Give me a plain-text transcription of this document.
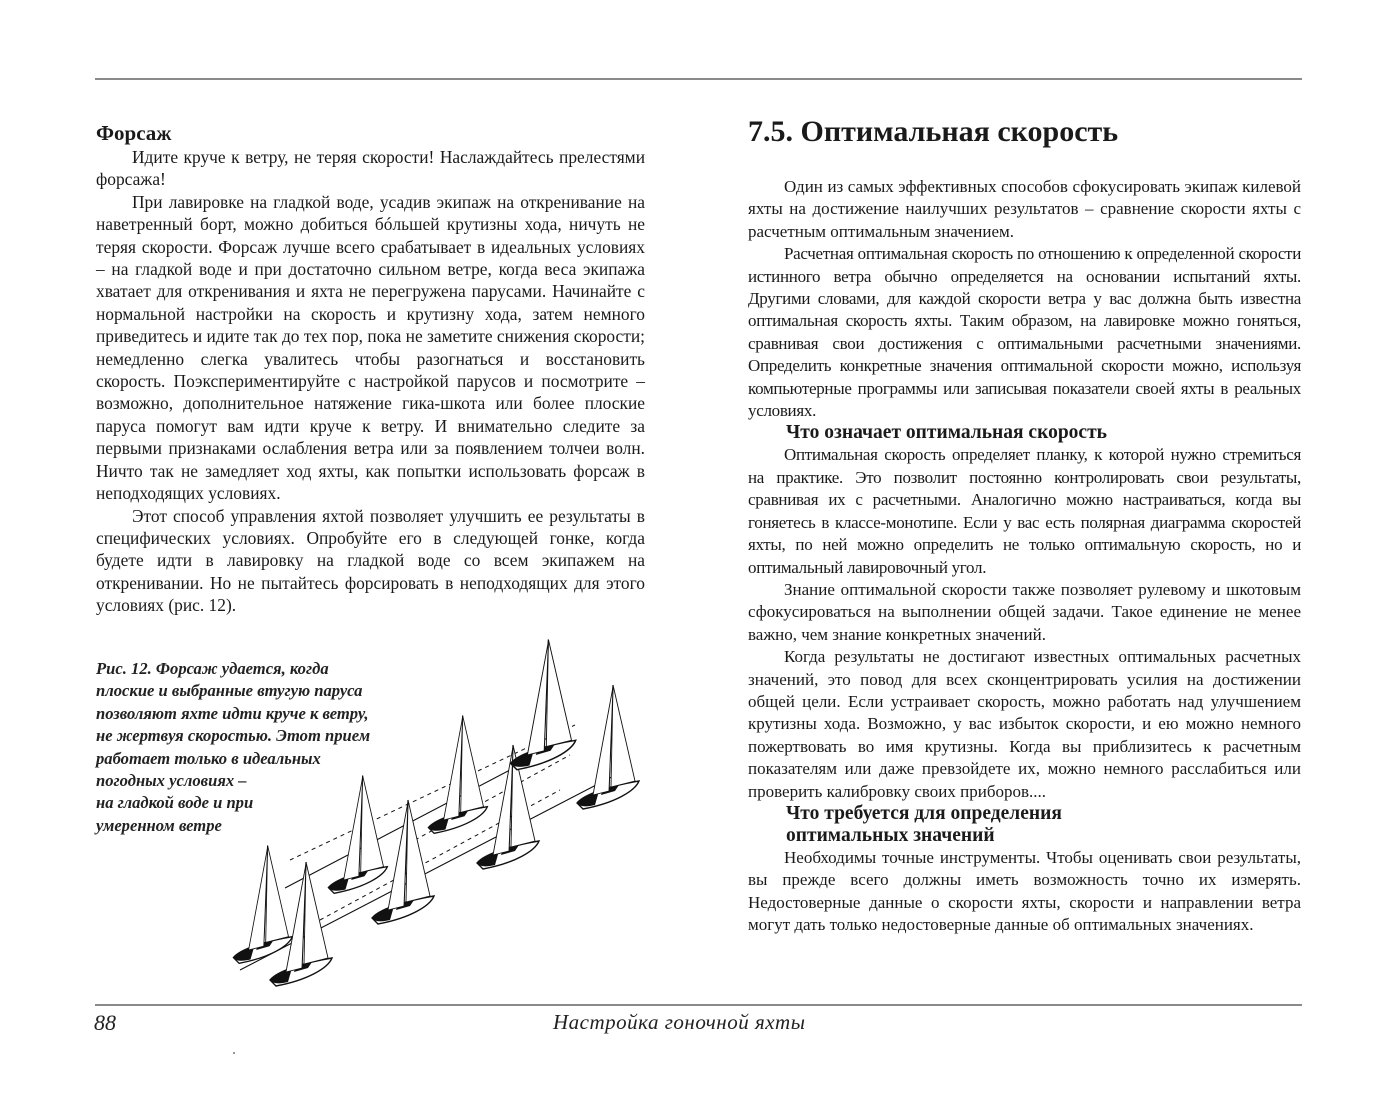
Форсаж

Идите круче к ветру, не теряя скорости! Наслаждайтесь прелестями форсажа!

При лавировке на гладкой воде, усадив экипаж на откренивание на наветренный борт, можно добиться бóльшей крутизны хода, ничуть не теряя скорости. Форсаж лучше всего срабатывает в идеальных условиях – на гладкой воде и при достаточно сильном ветре, когда веса экипажа хватает для откренивания и яхта не перегружена парусами. Начинайте с нормальной настройки на скорость и крутизну хода, затем немного приведитесь и идите так до тех пор, пока не заметите снижения скорости; немедленно слегка увалитесь чтобы разогнаться и восстановить скорость. Поэкспериментируйте с настройкой парусов и посмотрите – возможно, дополнительное натяжение гика-шкота или более плоские паруса помогут вам идти круче к ветру. И внимательно следите за первыми признаками ослабления ветра или за появлением толчеи волн. Ничто так не замедляет ход яхты, как попытки использовать форсаж в неподходящих условиях.

Этот способ управления яхтой позволяет улучшить ее результаты в специфических условиях. Опробуйте его в следующей гонке, когда будете идти в лавировку на гладкой воде со всем экипажем на откренивании. Но не пытайтесь форсировать в неподходящих для этого условиях (рис. 12).

Рис. 12. Форсаж удается, когда
плоские и выбранные втугую паруса
позволяют яхте идти круче к ветру,
не жертвуя скоростью. Этот прием
работает только в идеальных
погодных условиях –
на гладкой воде и при
умеренном ветре
7.5. Оптимальная скорость

Один из самых эффективных способов сфокусировать экипаж килевой яхты на достижение наилучших результатов – сравнение скорости яхты с расчетным оптимальным значением.

Расчетная оптимальная скорость по отношению к определенной скорости истинного ветра обычно определяется на основании испытаний яхты. Другими словами, для каждой скорости ветра у вас должна быть известна оптимальная скорость яхты. Таким образом, на лавировке можно гоняться, сравнивая свои достижения с оптимальными расчетными значениями. Определить конкретные значения оптимальной скорости можно, используя компьютерные программы или записывая показатели своей яхты в реальных условиях.

Что означает оптимальная скорость

Оптимальная скорость определяет планку, к которой нужно стремиться на практике. Это позволит постоянно контролировать свои результаты, сравнивая их с расчетными. Аналогично можно настраиваться, когда вы гоняетесь в классе-монотипе. Если у вас есть полярная диаграмма скоростей яхты, по ней можно определить не только оптимальную скорость, но и оптимальный лавировочный угол.

Знание оптимальной скорости также позволяет рулевому и шкотовым сфокусироваться на выполнении общей задачи. Такое единение не менее важно, чем знание конкретных значений.

Когда результаты не достигают известных оптимальных расчетных значений, это повод для всех сконцентрировать усилия на достижении общей цели. Если устраивает скорость, можно работать над улучшением крутизны хода. Возможно, у вас избыток скорости, и ею можно немного пожертвовать во имя крутизны. Когда вы приблизитесь к расчетным показателям или даже превзойдете их, можно немного расслабиться или проверить калибровку своих приборов....

Что требуется для определения
оптимальных значений

Необходимы точные инструменты. Чтобы оценивать свои результаты, вы прежде всего должны иметь возможность точно их измерять. Недостоверные данные о скорости яхты, скорости и направлении ветра могут дать только недостоверные данные об оптимальных значениях.

88	Настройка гоночной яхты
